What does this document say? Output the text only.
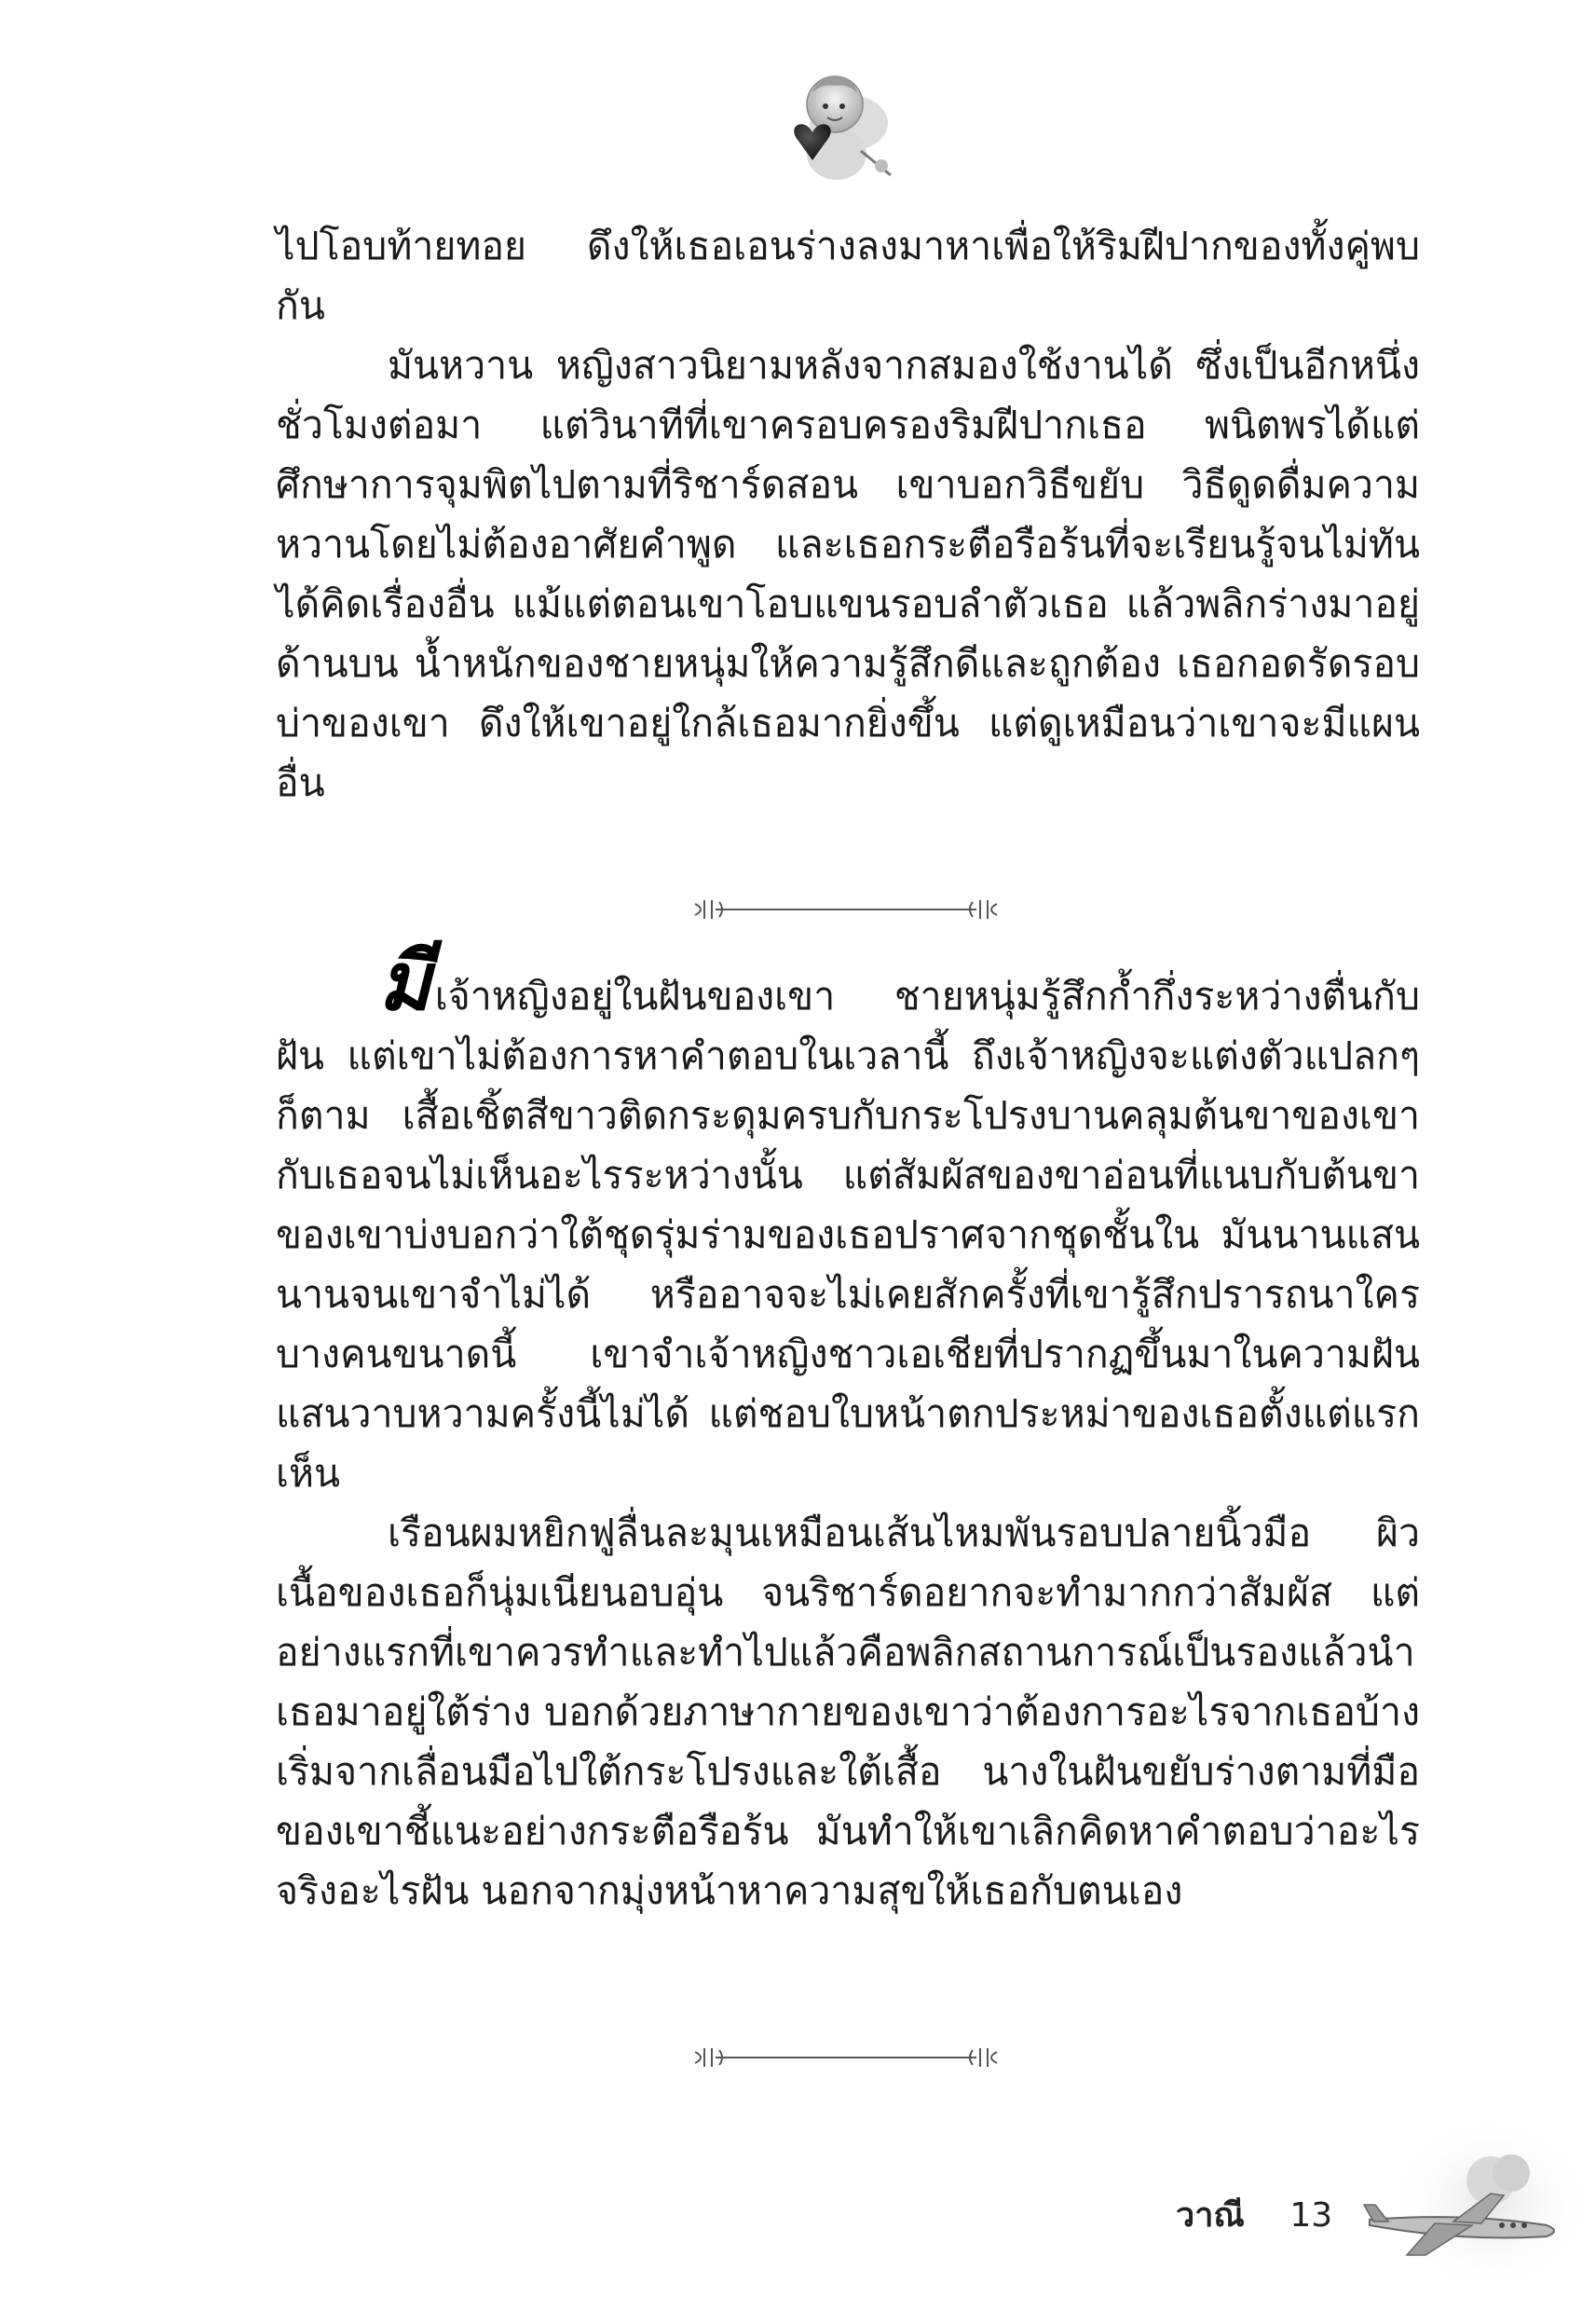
ไปโอบท้ายทอย ดึงให้เธอเอนร่างลงมาหาเพื่อให้ริมฝีปากของทั้งคู่พบกัน

มันหวาน หญิงสาวนิยามหลังจากสมองใช้งานได้ ซึ่งเป็นอีกหนึ่งชั่วโมงต่อมา แต่วินาทีที่เขาครอบครองริมฝีปากเธอ พนิตพรได้แต่ศึกษาการจุมพิตไปตามที่ริชาร์ดสอน เขาบอกวิธีขยับ วิธีดูดดื่มความหวานโดยไม่ต้องอาศัยคำพูด และเธอกระตือรือร้นที่จะเรียนรู้จนไม่ทันได้คิดเรื่องอื่น แม้แต่ตอนเขาโอบแขนรอบลำตัวเธอ แล้วพลิกร่างมาอยู่ด้านบน น้ำหนักของชายหนุ่มให้ความรู้สึกดีและถูกต้อง เธอกอดรัดรอบบ่าของเขา ดึงให้เขาอยู่ใกล้เธอมากยิ่งขึ้น แต่ดูเหมือนว่าเขาจะมีแผนอื่น

มีเจ้าหญิงอยู่ในฝันของเขา ชายหนุ่มรู้สึกก้ำกึ่งระหว่างตื่นกับฝัน แต่เขาไม่ต้องการหาคำตอบในเวลานี้ ถึงเจ้าหญิงจะแต่งตัวแปลกๆ ก็ตาม เสื้อเชิ้ตสีขาวติดกระดุมครบกับกระโปรงบานคลุมต้นขาของเขากับเธอจนไม่เห็นอะไรระหว่างนั้น แต่สัมผัสของขาอ่อนที่แนบกับต้นขาของเขาบ่งบอกว่าใต้ชุดรุ่มร่ามของเธอปราศจากชุดชั้นใน มันนานแสนนานจนเขาจำไม่ได้ หรืออาจจะไม่เคยสักครั้งที่เขารู้สึกปรารถนาใครบางคนขนาดนี้ เขาจำเจ้าหญิงชาวเอเชียที่ปรากฏขึ้นมาในความฝันแสนวาบหวามครั้งนี้ไม่ได้ แต่ชอบใบหน้าตกประหม่าของเธอตั้งแต่แรกเห็น

เรือนผมหยิกฟูลื่นละมุนเหมือนเส้นไหมพันรอบปลายนิ้วมือ ผิวเนื้อของเธอก็นุ่มเนียนอบอุ่น จนริชาร์ดอยากจะทำมากกว่าสัมผัส แต่อย่างแรกที่เขาควรทำและทำไปแล้วคือพลิกสถานการณ์เป็นรองแล้วนำเธอมาอยู่ใต้ร่าง บอกด้วยภาษากายของเขาว่าต้องการอะไรจากเธอบ้าง เริ่มจากเลื่อนมือไปใต้กระโปรงและใต้เสื้อ นางในฝันขยับร่างตามที่มือของเขาชี้แนะอย่างกระตือรือร้น มันทำให้เขาเลิกคิดหาคำตอบว่าอะไรจริงอะไรฝัน นอกจากมุ่งหน้าหาความสุขให้เธอกับตนเอง

วาณี 13
